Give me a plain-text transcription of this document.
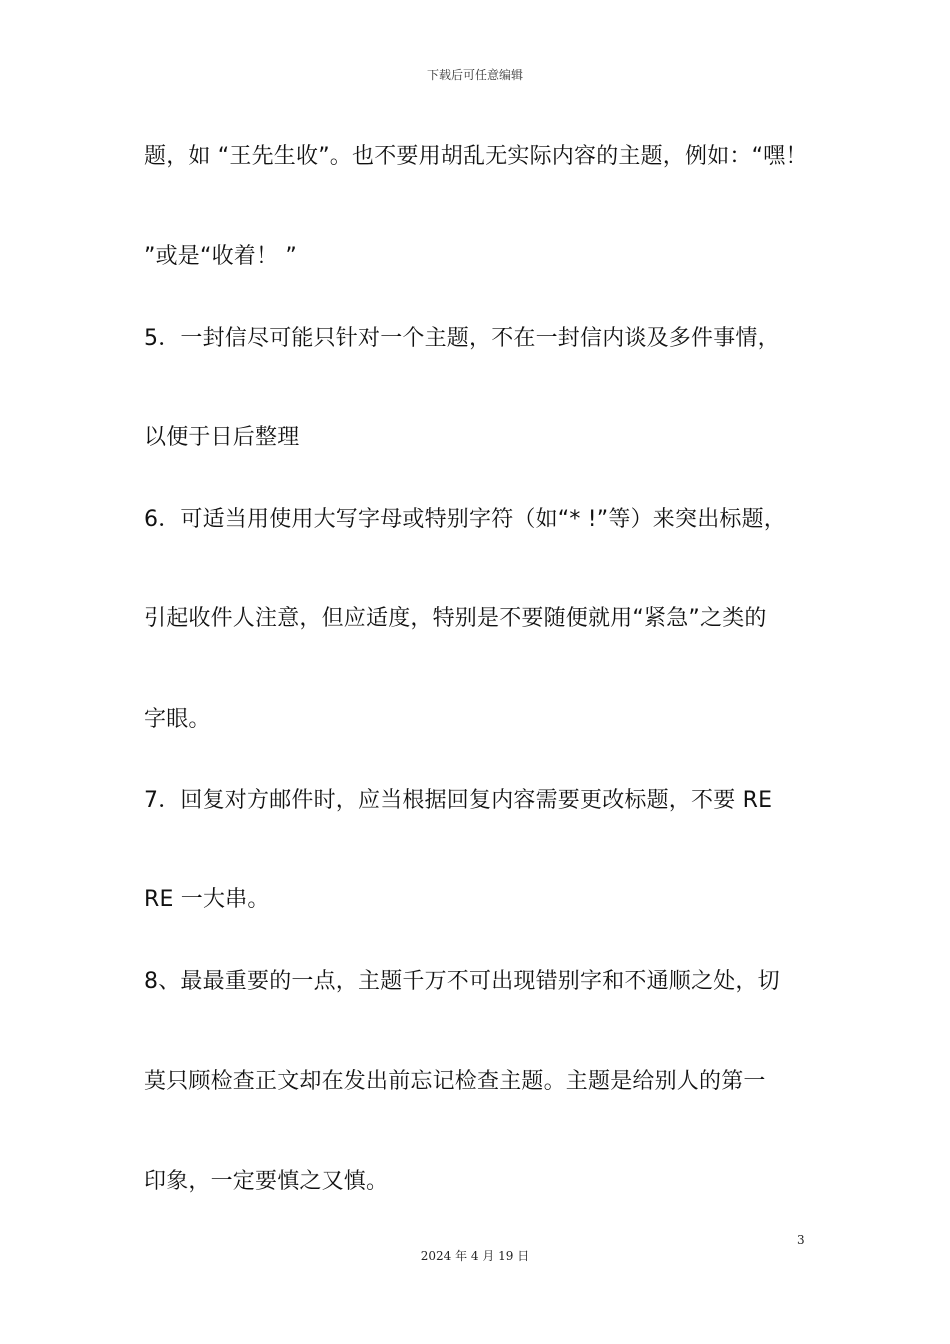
下载后可任意编辑
题，如 “王先生收”。也不要用胡乱无实际内容的主题，例如：“嘿！
”或是“收着！ ”
5．一封信尽可能只针对一个主题，不在一封信内谈及多件事情，
以便于日后整理
6．可适当用使用大写字母或特别字符（如“* !”等）来突出标题，
引起收件人注意，但应适度，特别是不要随便就用“紧急”之类的
字眼。
7．回复对方邮件时，应当根据回复内容需要更改标题，不要 RE
RE 一大串。
8、最最重要的一点，主题千万不可出现错别字和不通顺之处，切
莫只顾检查正文却在发出前忘记检查主题。主题是给别人的第一
印象，一定要慎之又慎。
3
2024 年 4 月 19 日
